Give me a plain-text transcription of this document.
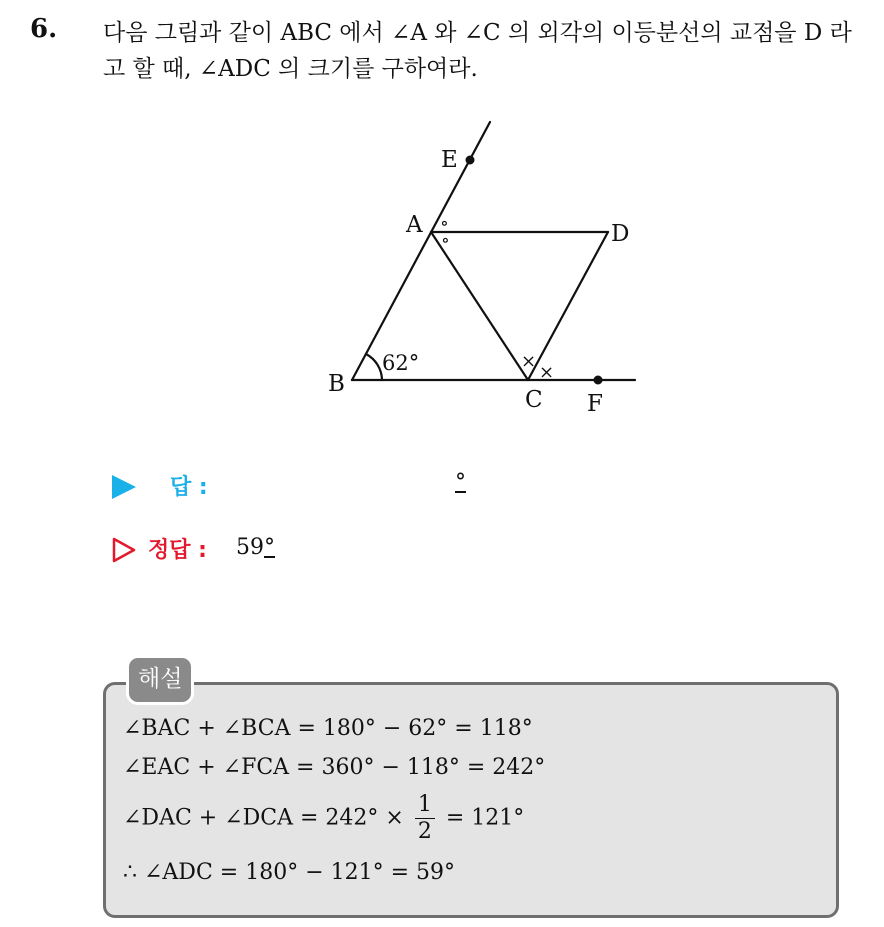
6. 다음 그림과 같이 ABC 에서 ∠A 와 ∠C 의 외각의 이등분선의 교점을 D 라고 할 때, ∠ADC 의 크기를 구하여라.
E
A	D
B
C F
62°
∘
∘
×
×
답 :	°
정답 : 59°
해설
∠BAC + ∠BCA = 180° − 62° = 118°
∠EAC + ∠FCA = 360° − 118° = 242°
∠DAC + ∠DCA = $242^\circ \times \frac{1}{2} = 121^\circ$
∴ ∠ADC = 180° − 121° = 59°
